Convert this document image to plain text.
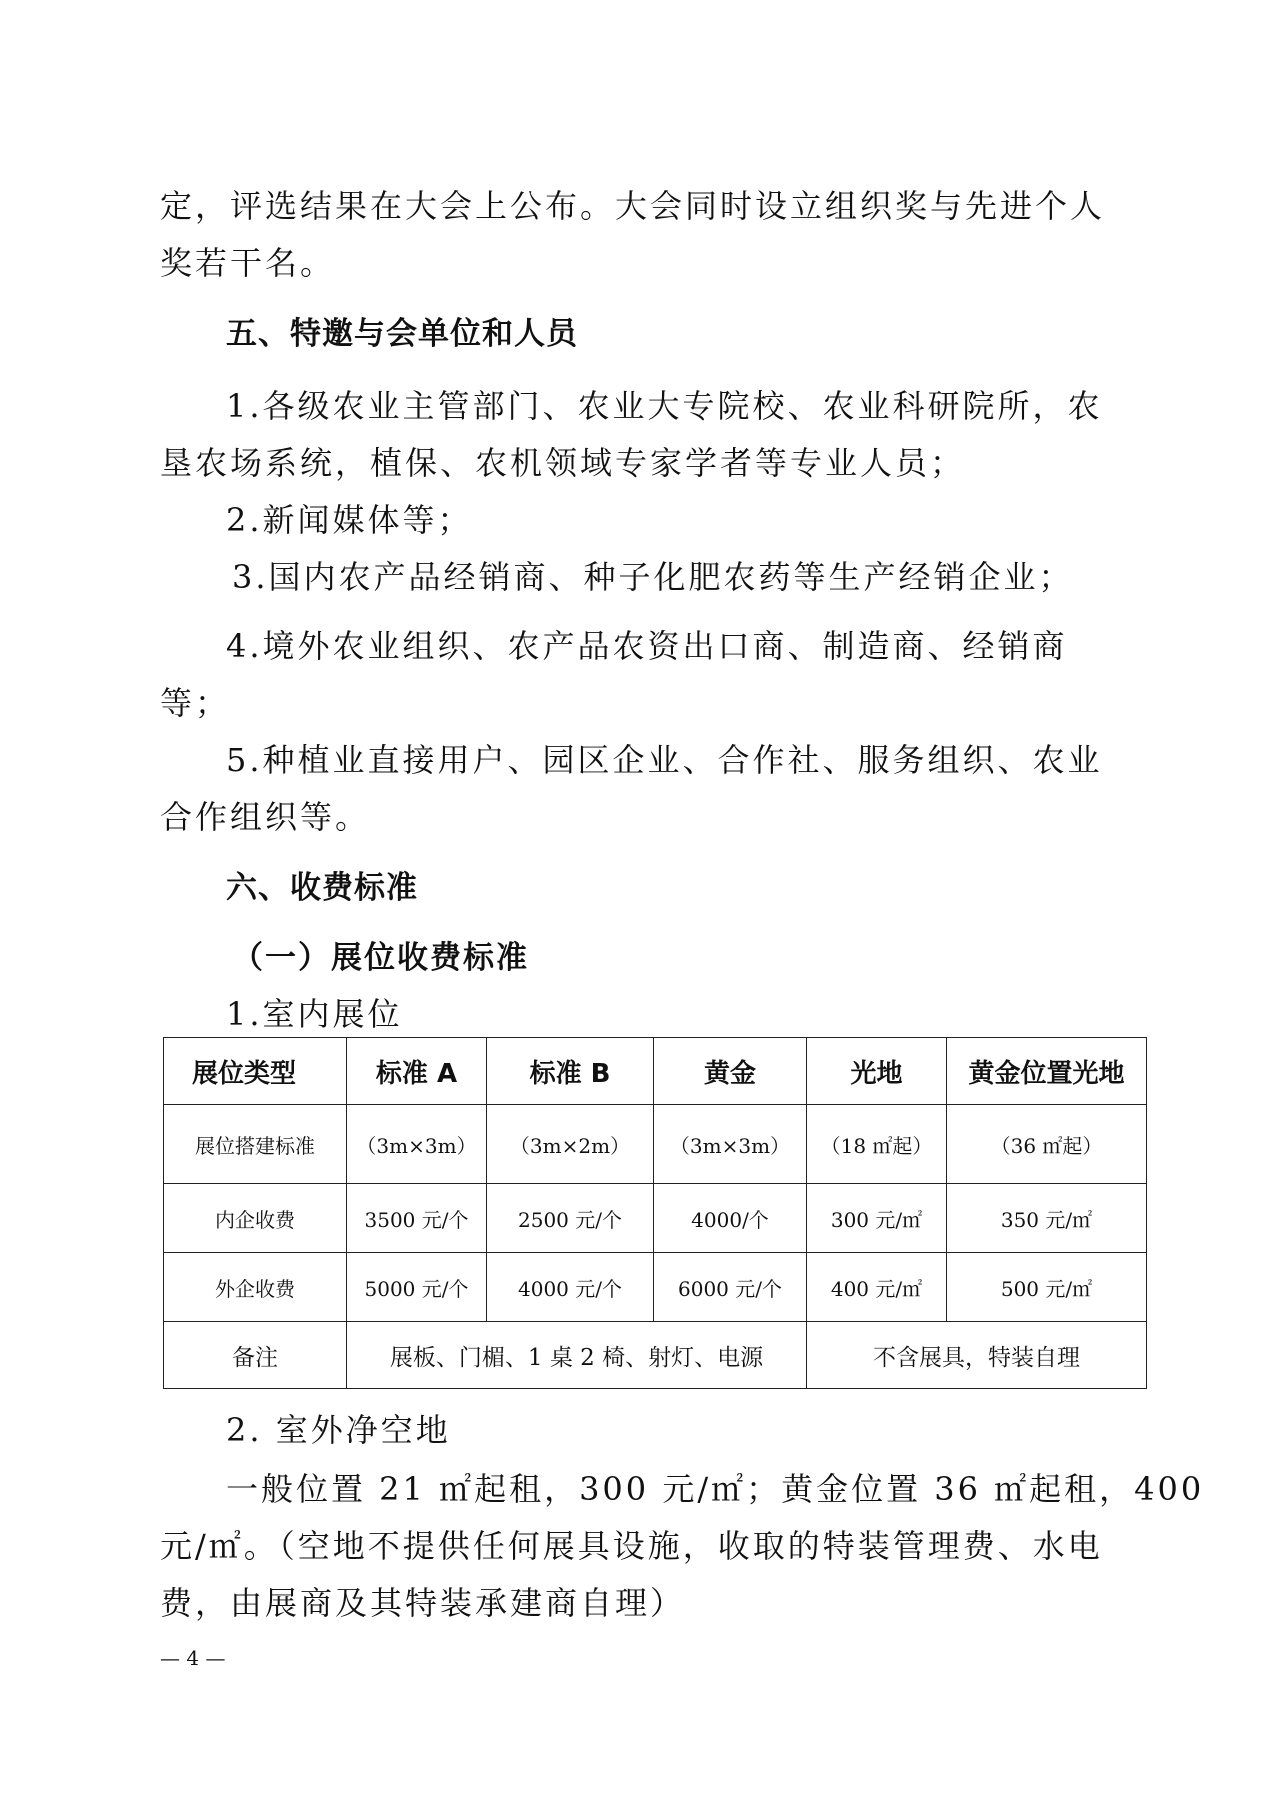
定，评选结果在大会上公布。大会同时设立组织奖与先进个人
奖若干名。
五、特邀与会单位和人员
1.各级农业主管部门、农业大专院校、农业科研院所，农
垦农场系统，植保、农机领域专家学者等专业人员；
2.新闻媒体等；
3.国内农产品经销商、种子化肥农药等生产经销企业；
4.境外农业组织、农产品农资出口商、制造商、经销商
等；
5.种植业直接用户、园区企业、合作社、服务组织、农业
合作组织等。
六、收费标准
（一）展位收费标准
1.室内展位
展位类型	标准 A	标准 B	黄金	光地	黄金位置光地
展位搭建标准	（3m×3m）	（3m×2m）	（3m×3m）	（18 ㎡起）	（36 ㎡起）
内企收费	3500 元/个	2500 元/个	4000/个	300 元/㎡	350 元/㎡
外企收费	5000 元/个	4000 元/个	6000 元/个	400 元/㎡	500 元/㎡
备注	展板、门楣、1 桌 2 椅、射灯、电源			不含展具，特装自理	
2. 室外净空地
一般位置 21 ㎡起租，300 元/㎡；黄金位置 36 ㎡起租，400
元/㎡。（空地不提供任何展具设施，收取的特装管理费、水电
费，由展商及其特装承建商自理）
— 4 —
